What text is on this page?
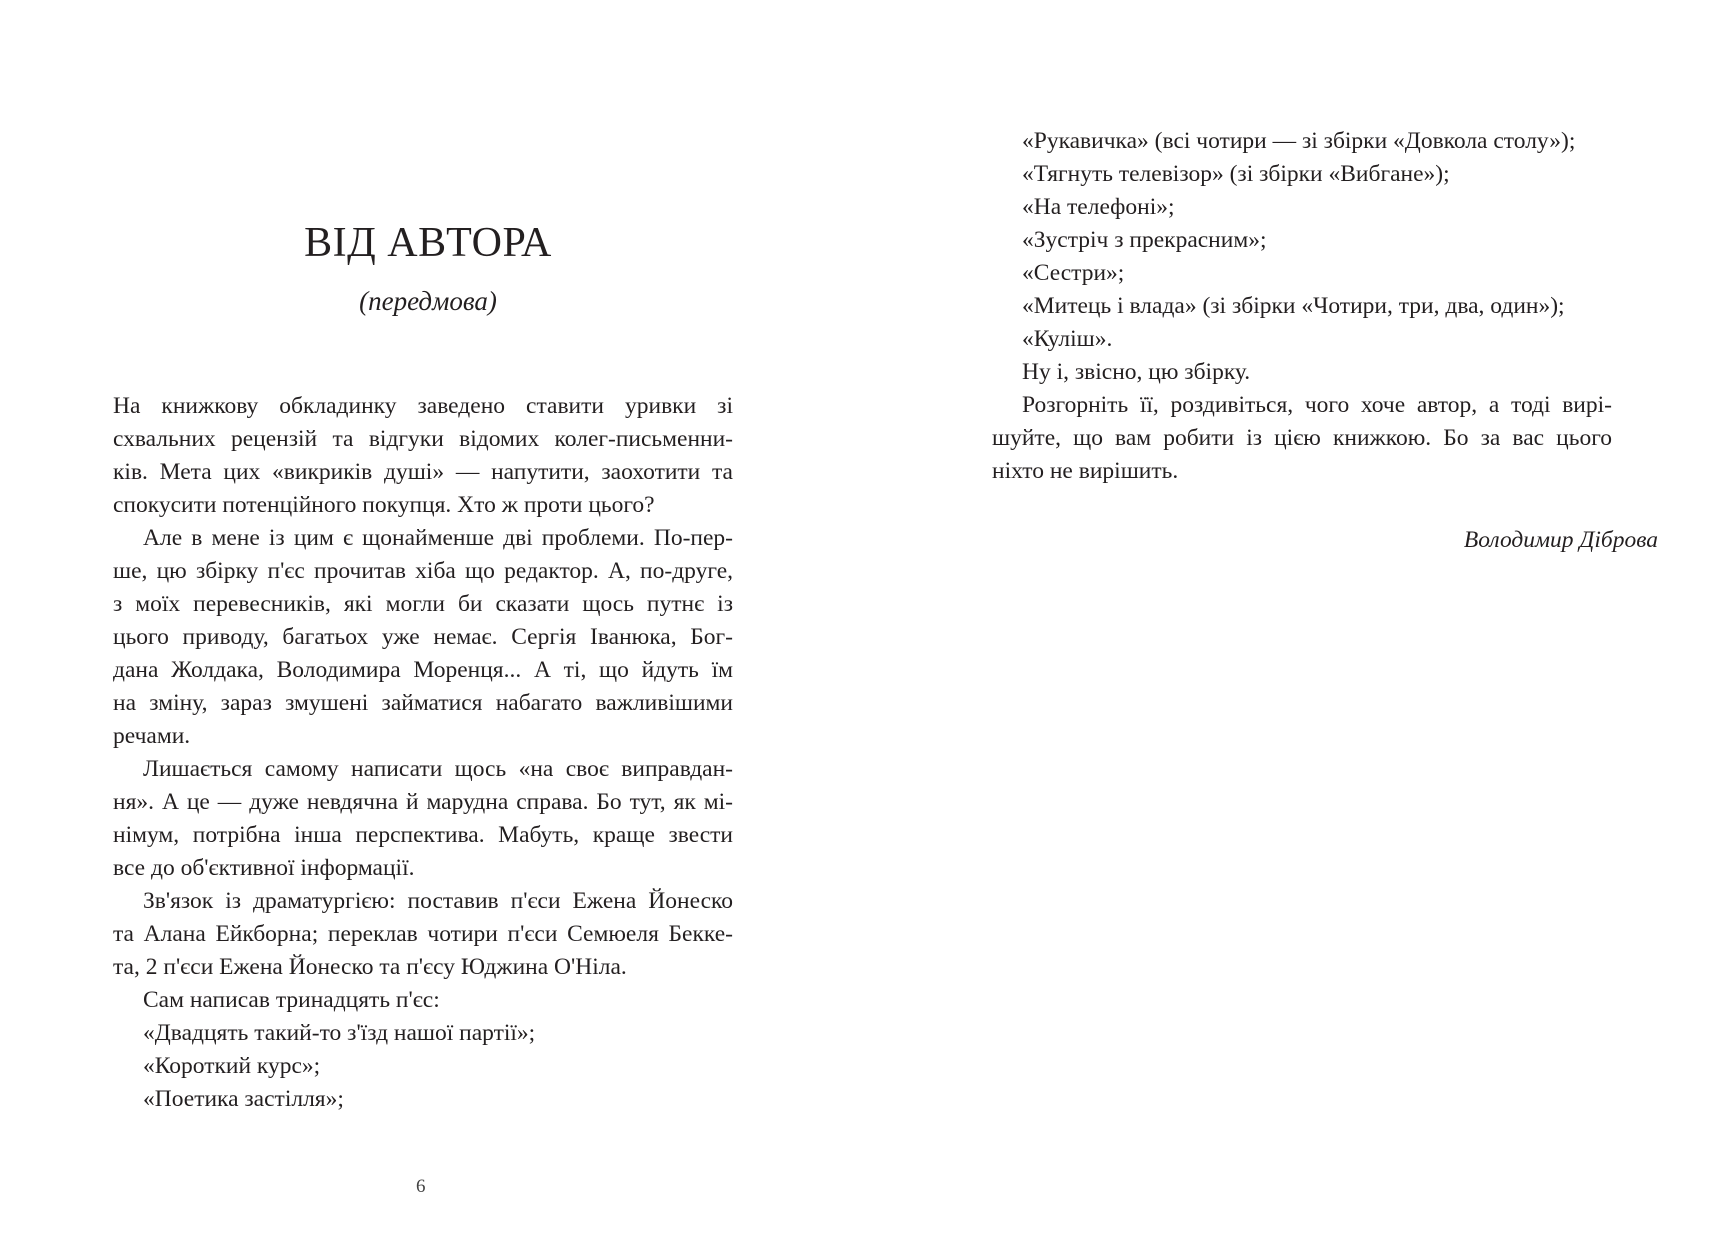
ВІД АВТОРА
(передмова)
На книжкову обкладинку заведено ставити уривки зі
схвальних рецензій та відгуки відомих колег-письменни-
ків. Мета цих «викриків душі» — напутити, заохотити та
спокусити потенційного покупця. Хто ж проти цього?
Але в мене із цим є щонайменше дві проблеми. По-пер-
ше, цю збірку п'єс прочитав хіба що редактор. А, по-друге,
з моїх перевесників, які могли би сказати щось путнє із
цього приводу, багатьох уже немає. Сергія Іванюка, Бог-
дана Жолдака, Володимира Моренця... А ті, що йдуть їм
на зміну, зараз змушені займатися набагато важливішими
речами.
Лишається самому написати щось «на своє виправдан-
ня». А це — дуже невдячна й марудна справа. Бо тут, як мі-
німум, потрібна інша перспектива. Мабуть, краще звести
все до об'єктивної інформації.
Зв'язок із драматургією: поставив п'єси Ежена Йонеско
та Алана Ейкборна; переклав чотири п'єси Семюеля Бекке-
та, 2 п'єси Ежена Йонеско та п'єсу Юджина О'Ніла.
Сам написав тринадцять п'єс:
«Двадцять такий-то з'їзд нашої партії»;
«Короткий курс»;
«Поетика застілля»;
6
«Рукавичка» (всі чотири — зі збірки «Довкола столу»);
«Тягнуть телевізор» (зі збірки «Вибгане»);
«На телефоні»;
«Зустріч з прекрасним»;
«Сестри»;
«Митець і влада» (зі збірки «Чотири, три, два, один»);
«Куліш».
Ну і, звісно, цю збірку.
Розгорніть її, роздивіться, чого хоче автор, а тоді вирі-
шуйте, що вам робити із цією книжкою. Бо за вас цього
ніхто не вирішить.
Володимир Діброва
